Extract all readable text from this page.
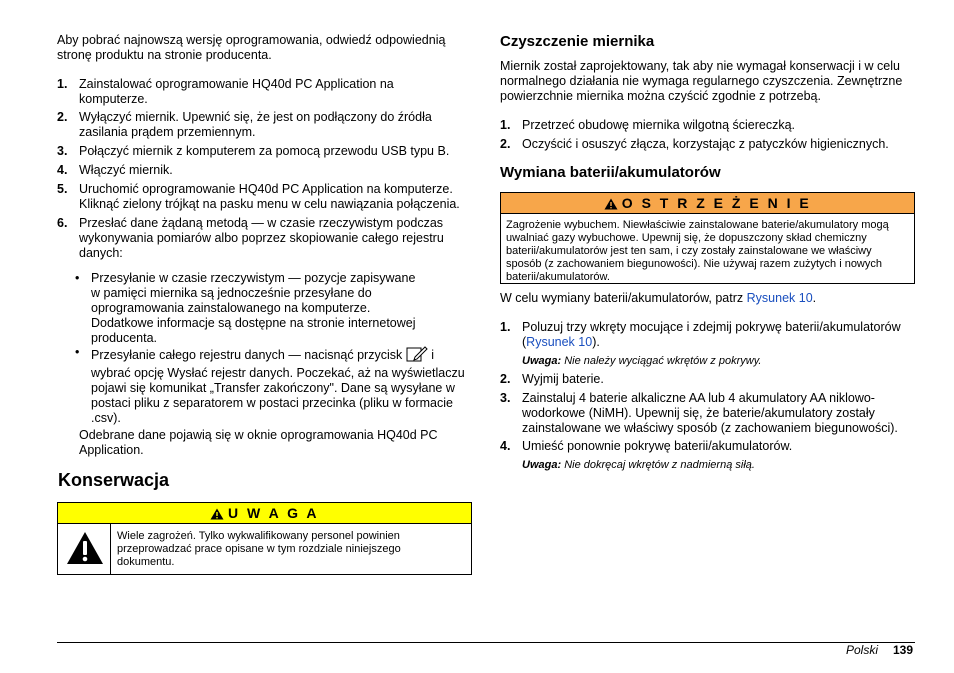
Aby pobrać najnowszą wersję oprogramowania, odwiedź odpowiednią stronę produktu na stronie producenta.

1. Zainstalować oprogramowanie HQ40d PC Application na komputerze.
2. Wyłączyć miernik. Upewnić się, że jest on podłączony do źródła zasilania prądem przemiennym.
3. Połączyć miernik z komputerem za pomocą przewodu USB typu B.
4. Włączyć miernik.
5. Uruchomić oprogramowanie HQ40d PC Application na komputerze. Kliknąć zielony trójkąt na pasku menu w celu nawiązania połączenia.
6. Przesłać dane żądaną metodą — w czasie rzeczywistym podczas wykonywania pomiarów albo poprzez skopiowanie całego rejestru danych:
• Przesyłanie w czasie rzeczywistym — pozycje zapisywane w pamięci miernika są jednocześnie przesyłane do oprogramowania zainstalowanego na komputerze. Dodatkowe informacje są dostępne na stronie internetowej producenta.
• Przesyłanie całego rejestru danych — nacisnąć przycisk i wybrać opcję Wysłać rejestr danych. Poczekać, aż na wyświetlaczu pojawi się komunikat „Transfer zakończony". Dane są wysyłane w postaci pliku z separatorem w postaci przecinka (pliku w formacie .csv).

Odebrane dane pojawią się w oknie oprogramowania HQ40d PC Application.

Konserwacja
U W A G A

Wiele zagrożeń. Tylko wykwalifikowany personel powinien przeprowadzać prace opisane w tym rozdziale niniejszego dokumentu.

Czyszczenie miernika

Miernik został zaprojektowany, tak aby nie wymagał konserwacji i w celu normalnego działania nie wymaga regularnego czyszczenia. Zewnętrzne powierzchnie miernika można czyścić zgodnie z potrzebą.

1. Przetrzeć obudowę miernika wilgotną ściereczką.
2. Oczyścić i osuszyć złącza, korzystając z patyczków higienicznych.
Wymiana baterii/akumulatorów
O S T R Z E Ż E N I E

Zagrożenie wybuchem. Niewłaściwie zainstalowane baterie/akumulatory mogą uwalniać gazy wybuchowe. Upewnij się, że dopuszczony skład chemiczny baterii/akumulatorów jest ten sam, i czy zostały zainstalowane we właściwy sposób (z zachowaniem biegunowości). Nie używaj razem zużytych i nowych baterii/akumulatorów.

W celu wymiany baterii/akumulatorów, patrz Rysunek 10.

1. Poluzuj trzy wkręty mocujące i zdejmij pokrywę baterii/akumulatorów (Rysunek 10).

Uwaga: Nie należy wyciągać wkrętów z pokrywy.

2. Wyjmij baterie.
3. Zainstaluj 4 baterie alkaliczne AA lub 4 akumulatory AA niklowo-wodorkowe (NiMH). Upewnij się, że baterie/akumulatory zostały zainstalowane we właściwy sposób (z zachowaniem biegunowości).
4. Umieść ponownie pokrywę baterii/akumulatorów.

Uwaga: Nie dokręcaj wkrętów z nadmierną siłą.

Polski 139
